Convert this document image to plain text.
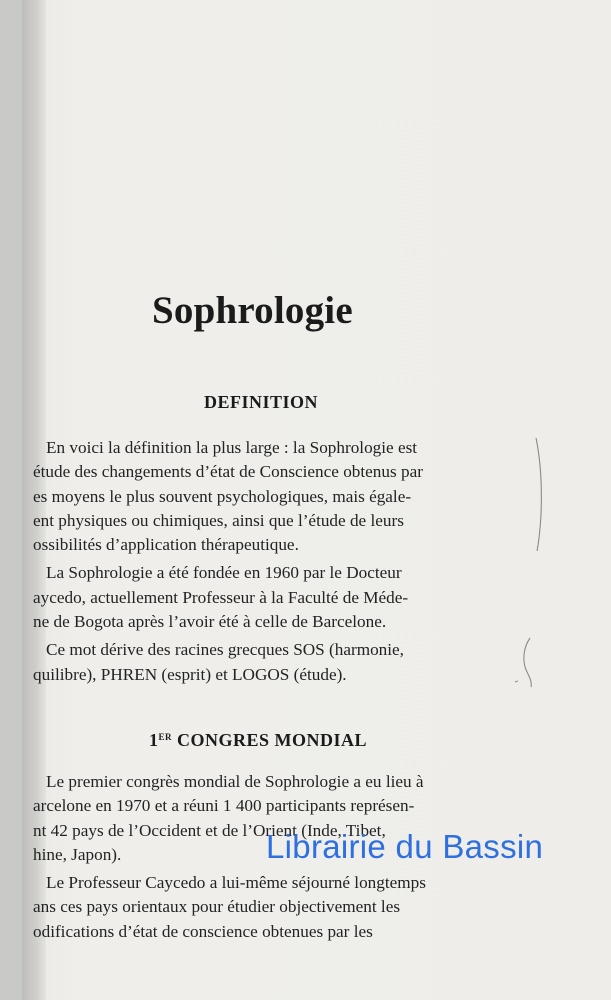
Sophrologie
DEFINITION

En voici la définition la plus large : la Sophrologie est
étude des changements d’état de Conscience obtenus par
es moyens le plus souvent psychologiques, mais égale-
ent physiques ou chimiques, ainsi que l’étude de leurs
ossibilités d’application thérapeutique.

La Sophrologie a été fondée en 1960 par le Docteur
aycedo, actuellement Professeur à la Faculté de Méde-
ne de Bogota après l’avoir été à celle de Barcelone.

Ce mot dérive des racines grecques SOS (harmonie,
quilibre), PHREN (esprit) et LOGOS (étude).

1ER CONGRES MONDIAL

Le premier congrès mondial de Sophrologie a eu lieu à
arcelone en 1970 et a réuni 1 400 participants représen-
nt 42 pays de l’Occident et de l’Orient (Inde, Tibet,
hine, Japon).

Le Professeur Caycedo a lui-même séjourné longtemps
ans ces pays orientaux pour étudier objectivement les
odifications d’état de conscience obtenues par les

Librairie du Bassin
